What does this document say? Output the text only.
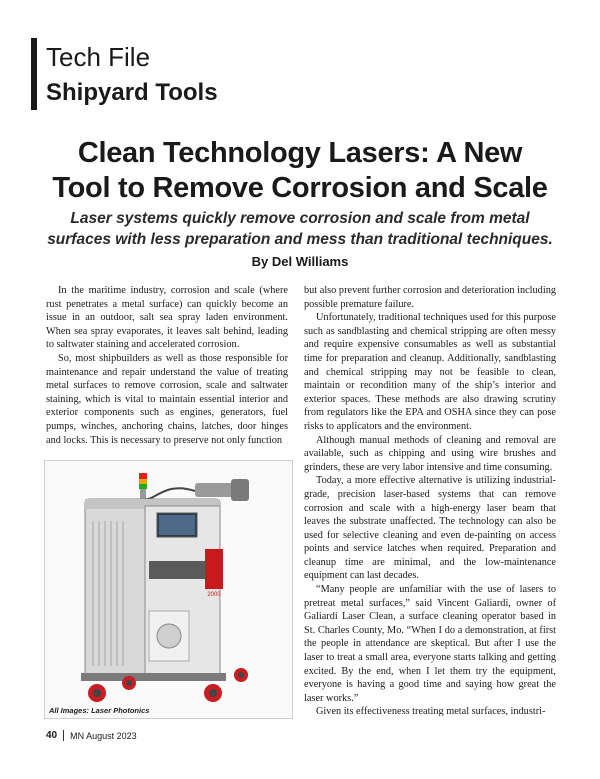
Tech File
Shipyard Tools
Clean Technology Lasers: A New
Tool to Remove Corrosion and Scale
Laser systems quickly remove corrosion and scale from metal
surfaces with less preparation and mess than traditional techniques.
By Del Williams

In the maritime industry, corrosion and scale (where rust penetrates a metal surface) can quickly become an issue in an outdoor, salt sea spray laden environment. When sea spray evaporates, it leaves salt behind, leading to saltwater staining and accelerated corrosion.

So, most shipbuilders as well as those responsible for maintenance and repair understand the value of treating metal surfaces to remove corrosion, scale and saltwater staining, which is vital to maintain essential interior and exterior components such as engines, generators, fuel pumps, winches, anchoring chains, latches, door hinges and locks. This is necessary to preserve not only function

but also prevent further corrosion and deterioration including possible premature failure.

Unfortunately, traditional techniques used for this purpose such as sandblasting and chemical stripping are often messy and require expensive consumables as well as substantial time for preparation and cleanup. Additionally, sandblasting and chemical stripping may not be feasible to clean, maintain or recondition many of the ship’s interior and exterior spaces. These methods are also drawing scrutiny from regulators like the EPA and OSHA since they can pose risks to applicators and the environment.

Although manual methods of cleaning and removal are available, such as chipping and using wire brushes and grinders, these are very labor intensive and time consuming.

Today, a more effective alternative is utilizing industrial-grade, precision laser-based systems that can remove corrosion and scale with a high-energy laser beam that leaves the substrate unaffected. The technology can also be used for selective cleaning and even de-painting on access points and service latches when required. Preparation and cleanup time are minimal, and the low-maintenance equipment can last decades.

“Many people are unfamiliar with the use of lasers to pretreat metal surfaces,” said Vincent Galiardi, owner of Galiardi Laser Clean, a surface cleaning operator based in St. Charles County, Mo. “When I do a demonstration, at first the people in attendance are skeptical. But after I use the laser to treat a small area, everyone starts talking and getting excited. By the end, when I let them try the equipment, everyone is having a good time and saying how great the laser works.”

Given its effectiveness treating metal surfaces, industri-

2000
All Images: Laser Photonics
40 MN August 2023
